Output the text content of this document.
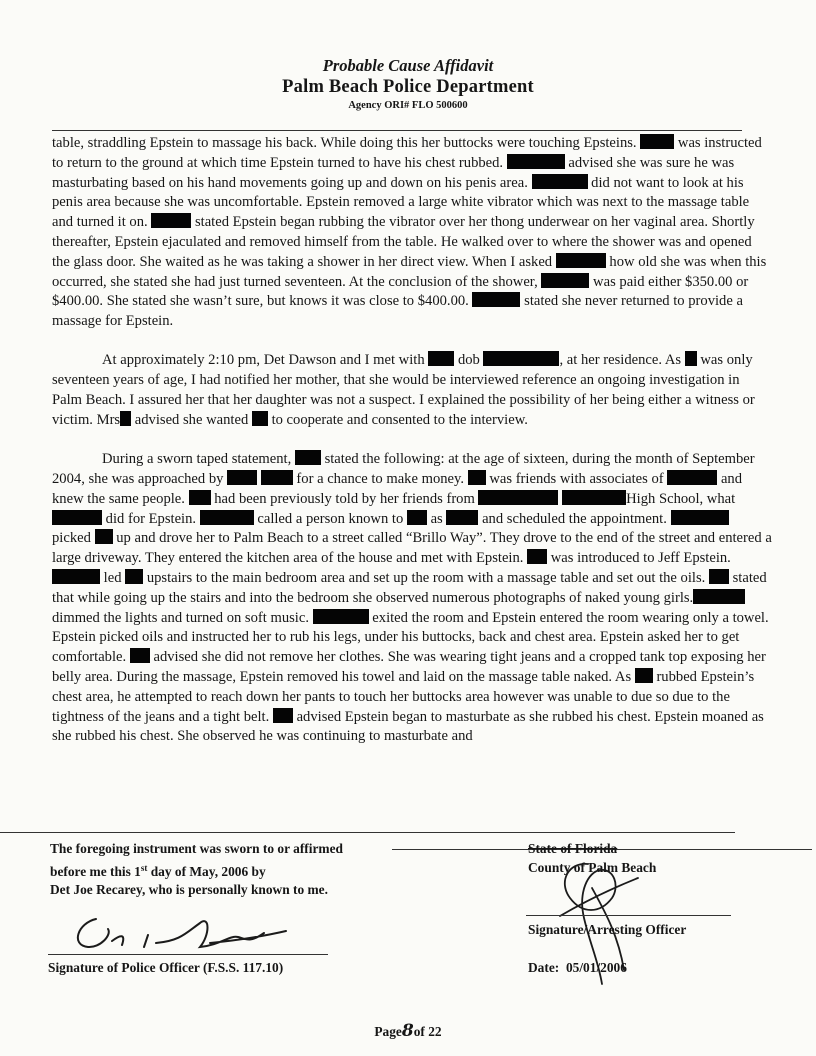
Probable Cause Affidavit
Palm Beach Police Department
Agency ORI# FLO 500600

table, straddling Epstein to massage his back. While doing this her buttocks were touching Epsteins.	was instructed to return to the ground at which time Epstein turned to have his chest rubbed.	advised she was sure he was masturbating based on his hand movements going up and down on his penis area.	did not want to look at his penis area because she was uncomfortable. Epstein removed a large white vibrator which was next to the massage table and turned it on.	stated Epstein began rubbing the vibrator over her thong underwear on her vaginal area. Shortly thereafter, Epstein ejaculated and removed himself from the table. He walked over to where the shower was and opened the glass door. She waited as he was taking a shower in her direct view. When I asked	how old she was when this occurred, she stated she had just turned seventeen. At the conclusion of the shower,	was paid either $350.00 or $400.00. She stated she wasn’t sure, but knows it was close to $400.00.	stated she never returned to provide a massage for Epstein.

At approximately 2:10 pm, Det Dawson and I met with dob	, at her residence. As was only seventeen years of age, I had notified her mother, that she would be interviewed reference an ongoing investigation in Palm Beach. I assured her that her daughter was not a suspect. I explained the possibility of her being either a witness or victim. Mrs advised she wanted to cooperate and consented to the interview.

During a sworn taped statement, stated the following: at the age of sixteen, during the month of September 2004, she was approached by	for a chance to make money. was friends with associates of	and knew the same people. had been previously told by her friends from	High School, what  did for Epstein.	called a person known to as	and scheduled the appointment.  picked up and drove her to Palm Beach to a street called “Brillo Way”. They drove to the end of the street and entered a large driveway. They entered the kitchen area of the house and met with Epstein. was introduced to Jeff Epstein.  led upstairs to the main bedroom area and set up the room with a massage table and set out the oils. stated that while going up the stairs and into the bedroom she observed numerous photographs of naked young girls. dimmed the lights and turned on soft music.	exited the room and Epstein entered the room wearing only a towel. Epstein picked oils and instructed her to rub his legs, under his buttocks, back and chest area. Epstein asked her to get comfortable. advised she did not remove her clothes. She was wearing tight jeans and a cropped tank top exposing her belly area. During the massage, Epstein removed his towel and laid on the massage table naked. As rubbed Epstein’s chest area, he attempted to reach down her pants to touch her buttocks area however was unable to due so due to the tightness of the jeans and a tight belt. advised Epstein began to masturbate as she rubbed his chest. Epstein moaned as she rubbed his chest. She observed he was continuing to masturbate and

The foregoing instrument was sworn to or affirmed
before me this 1st day of May, 2006 by
Det Joe Recarey, who is personally known to me.
State of Florida
County of Palm Beach
Signature/Arresting Officer
Signature of Police Officer (F.S.S. 117.10)	Date: 05/01/2006
Page8of 22
